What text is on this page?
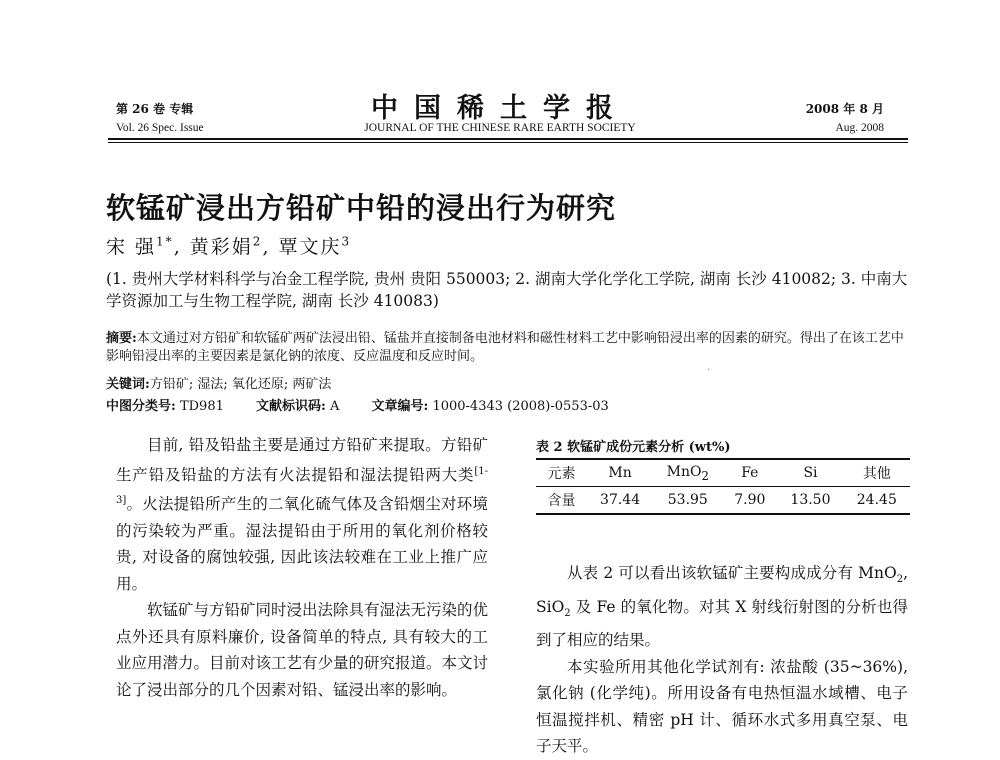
第 26 卷 专辑
Vol. 26 Spec. Issue
中国稀土学报
JOURNAL OF THE CHINESE RARE EARTH SOCIETY
2008 年 8 月
Aug. 2008
软锰矿浸出方铅矿中铅的浸出行为研究
宋 强$^{1*}$, 黄彩娟$^2$, 覃文庆$^3$
(1. 贵州大学材料科学与冶金工程学院, 贵州 贵阳 550003; 2. 湖南大学化学化工学院, 湖南 长沙 410082; 3. 中南大学资源加工与生物工程学院, 湖南 长沙 410083)
摘要:本文通过对方铅矿和软锰矿两矿法浸出铅、锰盐并直接制备电池材料和磁性材料工艺中影响铅浸出率的因素的研究。得出了在该工艺中影响铅浸出率的主要因素是氯化钠的浓度、反应温度和反应时间。
.
关键词:方铅矿; 湿法; 氧化还原; 两矿法
中图分类号: TD981 文献标识码: A 文章编号: 1000-4343 (2008)-0553-03

目前, 铅及铅盐主要是通过方铅矿来提取。方铅矿生产铅及铅盐的方法有火法提铅和湿法提铅两大类[1-3]。火法提铅所产生的二氧化硫气体及含铅烟尘对环境的污染较为严重。湿法提铅由于所用的氧化剂价格较贵, 对设备的腐蚀较强, 因此该法较难在工业上推广应用。

软锰矿与方铅矿同时浸出法除具有湿法无污染的优点外还具有原料廉价, 设备简单的特点, 具有较大的工业应用潜力。目前对该工艺有少量的研究报道。本文讨论了浸出部分的几个因素对铅、锰浸出率的影响。

表 2 软锰矿成份元素分析 (wt%)
元素	Mn	MnO$_2$	Fe	Si	其他
含量	37.44	53.95	7.90	13.50	24.45

从表 2 可以看出该软锰矿主要构成成分有 MnO$_2$, SiO$_2$ 及 Fe 的氧化物。对其 X 射线衍射图的分析也得到了相应的结果。

本实验所用其他化学试剂有: 浓盐酸 (35~36%), 氯化钠 (化学纯)。所用设备有电热恒温水域槽、电子恒温搅拌机、精密 pH 计、循环水式多用真空泵、电子天平。
